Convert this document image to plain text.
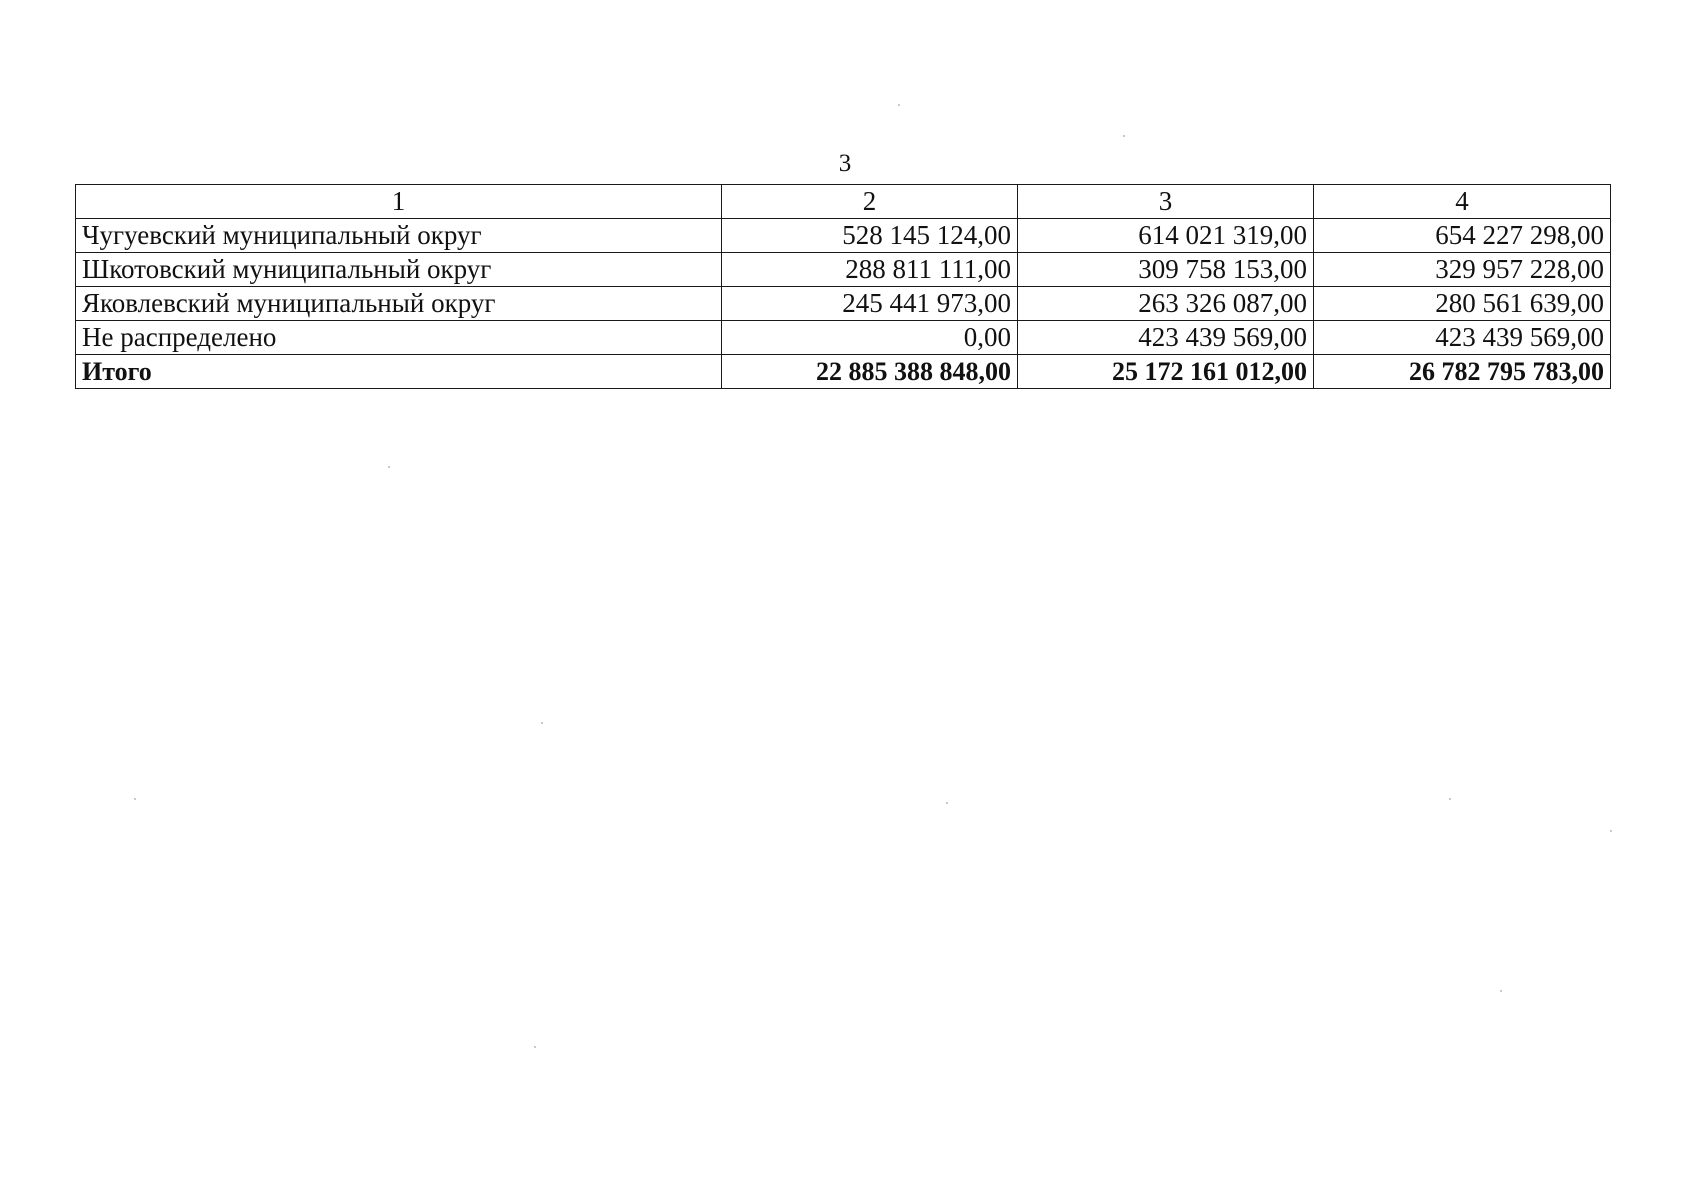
3
1	2	3	4
Чугуевский муниципальный округ	528 145 124,00	614 021 319,00	654 227 298,00
Шкотовский муниципальный округ	288 811 111,00	309 758 153,00	329 957 228,00
Яковлевский муниципальный округ	245 441 973,00	263 326 087,00	280 561 639,00
Не распределено	0,00	423 439 569,00	423 439 569,00
Итого	22 885 388 848,00	25 172 161 012,00	26 782 795 783,00
